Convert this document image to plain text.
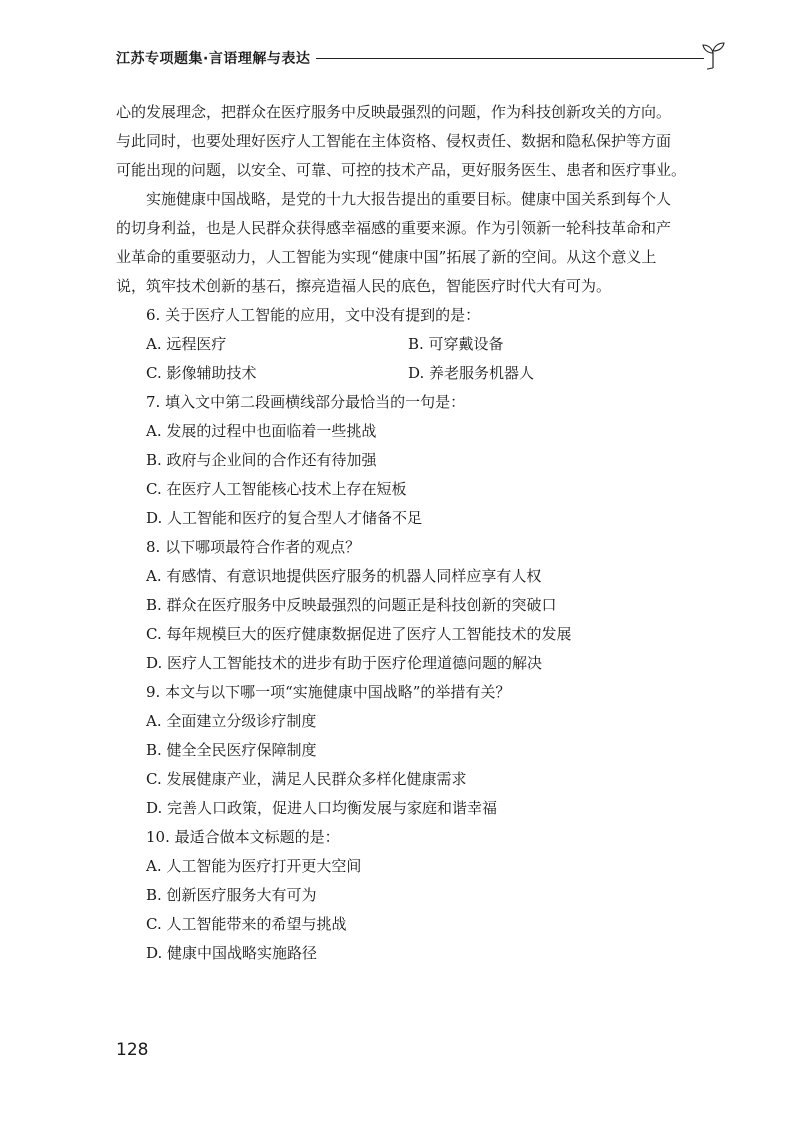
江苏专项题集·言语理解与表达
心的发展理念，把群众在医疗服务中反映最强烈的问题，作为科技创新攻关的方向。
与此同时，也要处理好医疗人工智能在主体资格、侵权责任、数据和隐私保护等方面
可能出现的问题，以安全、可靠、可控的技术产品，更好服务医生、患者和医疗事业。
实施健康中国战略，是党的十九大报告提出的重要目标。健康中国关系到每个人
的切身利益，也是人民群众获得感幸福感的重要来源。作为引领新一轮科技革命和产
业革命的重要驱动力，人工智能为实现“健康中国”拓展了新的空间。从这个意义上
说，筑牢技术创新的基石，擦亮造福人民的底色，智能医疗时代大有可为。

6. 关于医疗人工智能的应用，文中没有提到的是：

A. 远程医疗	B. 可穿戴设备
C. 影像辅助技术	D. 养老服务机器人

7. 填入文中第二段画横线部分最恰当的一句是：

A. 发展的过程中也面临着一些挑战

B. 政府与企业间的合作还有待加强

C. 在医疗人工智能核心技术上存在短板

D. 人工智能和医疗的复合型人才储备不足

8. 以下哪项最符合作者的观点？

A. 有感情、有意识地提供医疗服务的机器人同样应享有人权

B. 群众在医疗服务中反映最强烈的问题正是科技创新的突破口

C. 每年规模巨大的医疗健康数据促进了医疗人工智能技术的发展

D. 医疗人工智能技术的进步有助于医疗伦理道德问题的解决

9. 本文与以下哪一项“实施健康中国战略”的举措有关？

A. 全面建立分级诊疗制度

B. 健全全民医疗保障制度

C. 发展健康产业，满足人民群众多样化健康需求

D. 完善人口政策，促进人口均衡发展与家庭和谐幸福

10. 最适合做本文标题的是：

A. 人工智能为医疗打开更大空间

B. 创新医疗服务大有可为

C. 人工智能带来的希望与挑战

D. 健康中国战略实施路径

128
